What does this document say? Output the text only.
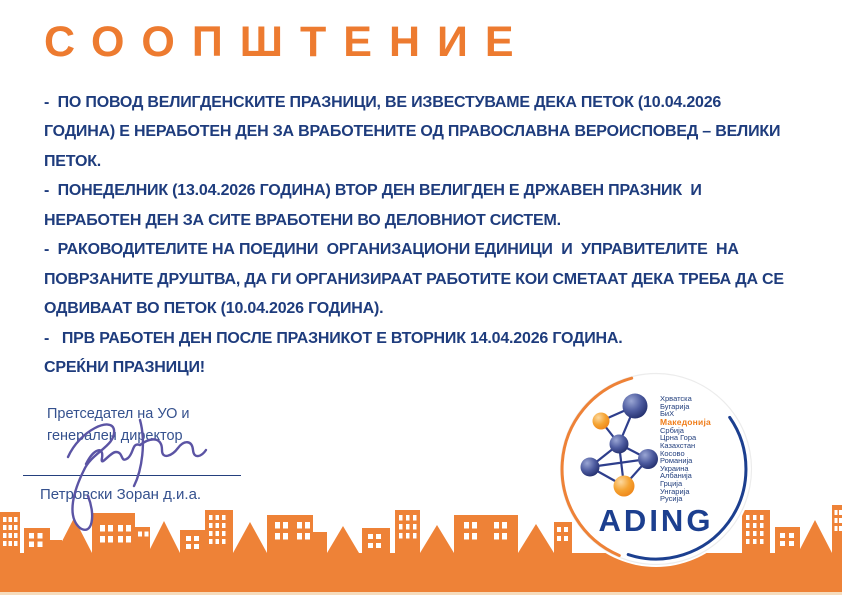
СООПШТЕНИЕ
-  ПО ПОВОД ВЕЛИГДЕНСКИТЕ ПРАЗНИЦИ, ВЕ ИЗВЕСТУВАМЕ ДЕКА ПЕТОК (10.04.2026
ГОДИНА) Е НЕРАБОТЕН ДЕН ЗА ВРАБОТЕНИТЕ ОД ПРАВОСЛАВНА ВЕРОИСПОВЕД – ВЕЛИКИ
ПЕТОК.
-  ПОНЕДЕЛНИК (13.04.2026 ГОДИНА) ВТОР ДЕН ВЕЛИГДЕН Е ДРЖАВЕН ПРАЗНИК  И
НЕРАБОТЕН ДЕН ЗА СИТЕ ВРАБОТЕНИ ВО ДЕЛОВНИОТ СИСТЕМ.
-  РАКОВОДИТЕЛИТЕ НА ПОЕДИНИ  ОРГАНИЗАЦИОНИ ЕДИНИЦИ  И  УПРАВИТЕЛИТЕ  НА
ПОВРЗАНИТЕ ДРУШТВА, ДА ГИ ОРГАНИЗИРААТ РАБОТИТЕ КОИ СМЕТААТ ДЕКА ТРЕБА ДА СЕ
ОДВИВААТ ВО ПЕТОК (10.04.2026 ГОДИНА).
-   ПРВ РАБОТЕН ДЕН ПОСЛЕ ПРАЗНИКОТ Е ВТОРНИК 14.04.2026 ГОДИНА.
СРЕЌНИ ПРАЗНИЦИ!
Хрватска
Бугарија
БиХ
Македонија
Србија
Црна Гора
Казахстан
Косово
Романија
Украина
Албанија
Грција
Унгарија
Русија
ADING
Претседател на УО и
генерален директор
Петровски Зоран д.и.а.
